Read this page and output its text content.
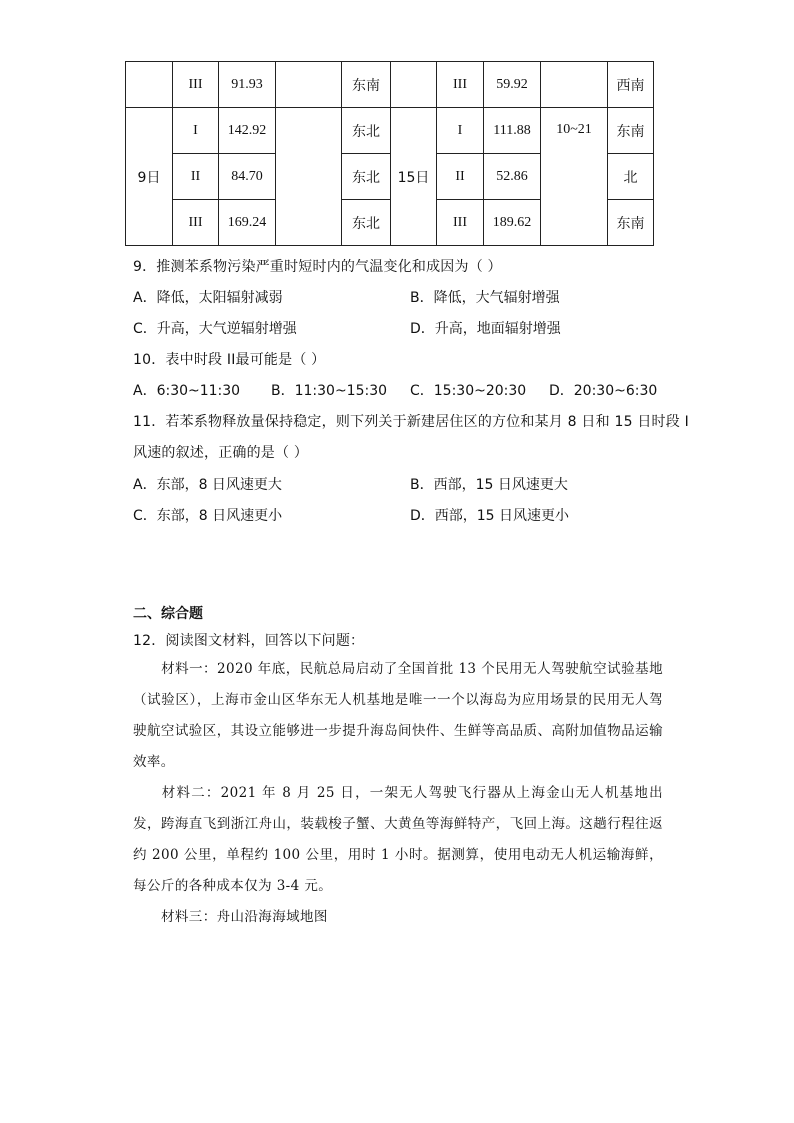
	III	91.93		东南		III	59.92		西南
9日	I	142.92		东北	15日	I	111.88	10~21	东南
	II	84.70		东北		II	52.86		北
	III	169.24		东北		III	189.62		东南
9．推测苯系物污染严重时短时内的气温变化和成因为（ ）
A．降低，太阳辐射减弱	B．降低，大气辐射增强
C．升高，大气逆辐射增强	D．升高，地面辐射增强
10．表中时段 II最可能是（ ）
A．6:30~11:30 B．11:30~15:30 C．15:30~20:30 D．20:30~6:30
11．若苯系物释放量保持稳定，则下列关于新建居住区的方位和某月 8 日和 15 日时段 I
风速的叙述，正确的是（ ）
A．东部，8 日风速更大	B．西部，15 日风速更大
C．东部，8 日风速更小	D．西部，15 日风速更小
二、综合题
12．阅读图文材料，回答以下问题：
材料一：2020 年底，民航总局启动了全国首批 13 个民用无人驾驶航空试验基地（试验区），上海市金山区华东无人机基地是唯一一个以海岛为应用场景的民用无人驾驶航空试验区，其设立能够进一步提升海岛间快件、生鲜等高品质、高附加值物品运输效率。
材料二：2021 年 8 月 25 日，一架无人驾驶飞行器从上海金山无人机基地出发，跨海直飞到浙江舟山，装载梭子蟹、大黄鱼等海鲜特产，飞回上海。这趟行程往返约 200 公里，单程约 100 公里，用时 1 小时。据测算，使用电动无人机运输海鲜，每公斤的各种成本仅为 3-4 元。
材料三：舟山沿海海域地图
